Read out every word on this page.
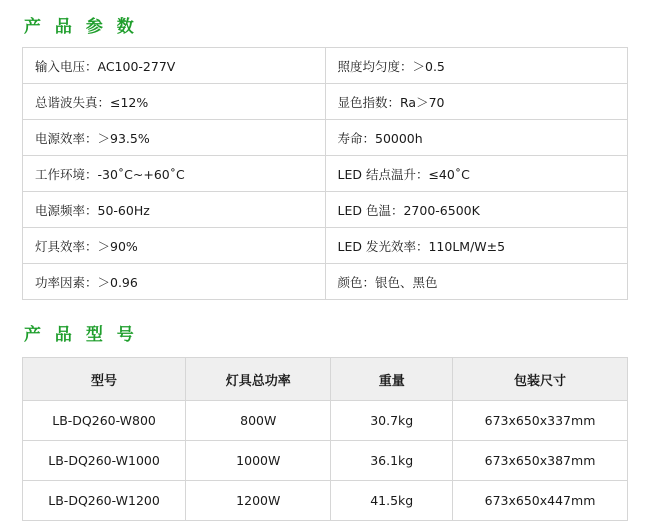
产 品 参 数
输入电压：AC100-277V	照度均匀度：＞0.5
总谐波失真：≤12%	显色指数：Ra＞70
电源效率：＞93.5%	寿命：50000h
工作环境：-30˚C~+60˚C	LED 结点温升：≤40˚C
电源频率：50-60Hz	LED 色温：2700-6500K
灯具效率：＞90%	LED 发光效率：110LM/W±5
功率因素：＞0.96	颜色：银色、黑色
产 品 型 号
型号	灯具总功率	重量	包装尺寸
LB-DQ260-W800	800W	30.7kg	673x650x337mm
LB-DQ260-W1000	1000W	36.1kg	673x650x387mm
LB-DQ260-W1200	1200W	41.5kg	673x650x447mm
